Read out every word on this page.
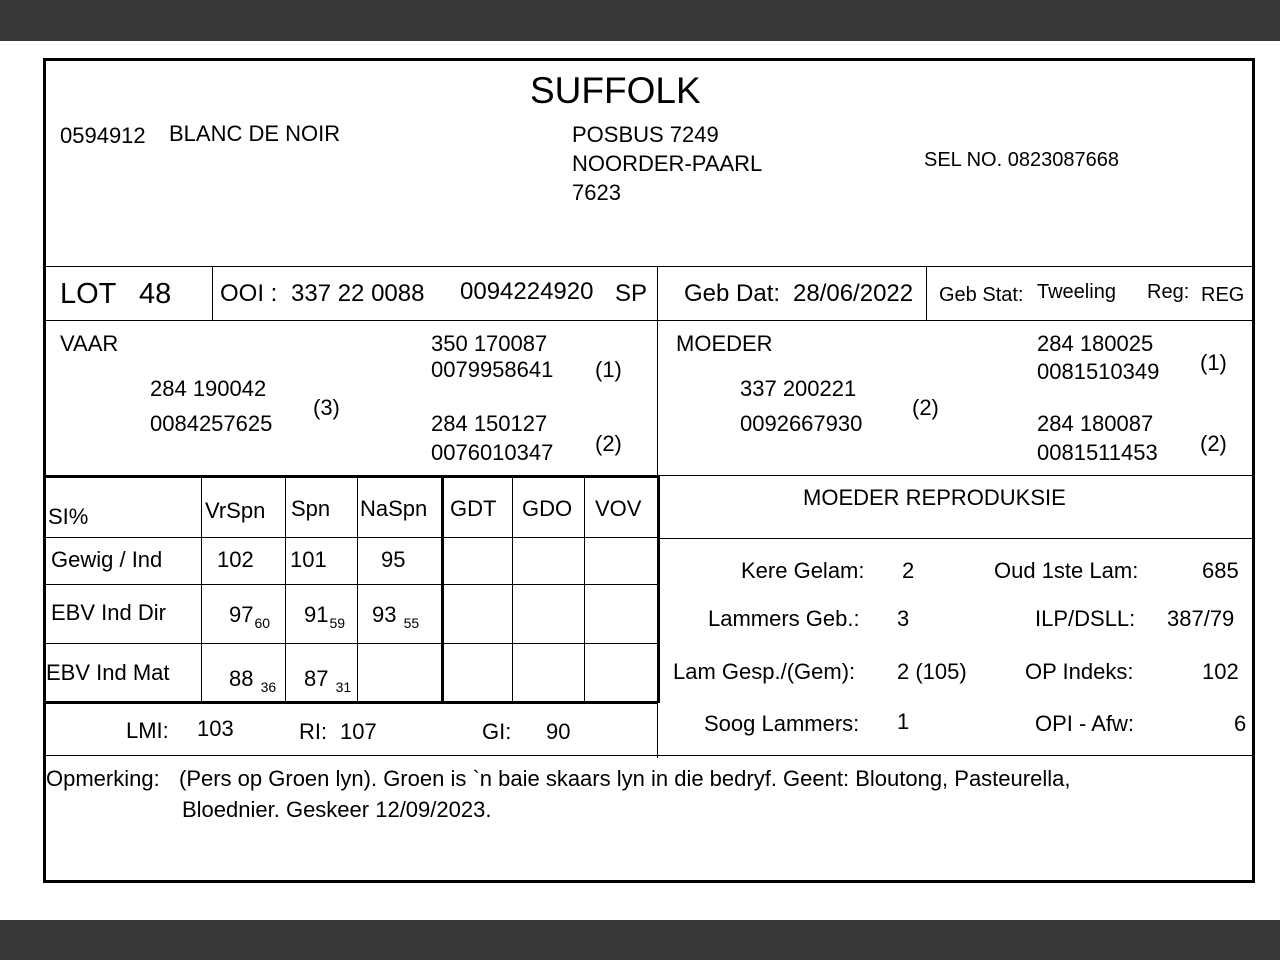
SUFFOLK
0594912 BLANC DE NOIR	POSBUS 7249
NOORDER-PAARL
7623
SEL NO. 0823087668
LOT 48 OOI : 337 22 0088 0094224920 SP Geb Dat: 28/06/2022 Geb Stat: Tweeling Reg: REG
VAAR
284 190042
0084257625
(3)
350 170087
0079958641 (1)
284 150127
0076010347 (2)
MOEDER
337 200221
0092667930
(2)
284 180025
0081510349 (1)
284 180087
0081511453 (2)
SI%	VrSpn Spn NaSpn GDT GDO VOV
Gewig / Ind 102 101 95
EBV Ind Dir	$97_{60}$ $91_{59}$ 93 $_{55}$
EBV Ind Mat	88 $_{36}$ 87 $_{31}$
LMI: 103	RI: 107	GI: 90
MOEDER REPRODUKSIE
Kere Gelam: 2	Oud 1ste Lam:	685
Lammers Geb.: 3	ILP/DSLL: 387/79
Lam Gesp./(Gem): 2 (105)	OP Indeks:	102
Soog Lammers: 1	OPI - Afw:	6
Opmerking: (Pers op Groen lyn). Groen is `n baie skaars lyn in die bedryf. Geent: Bloutong, Pasteurella,
Bloednier. Geskeer 12/09/2023.
